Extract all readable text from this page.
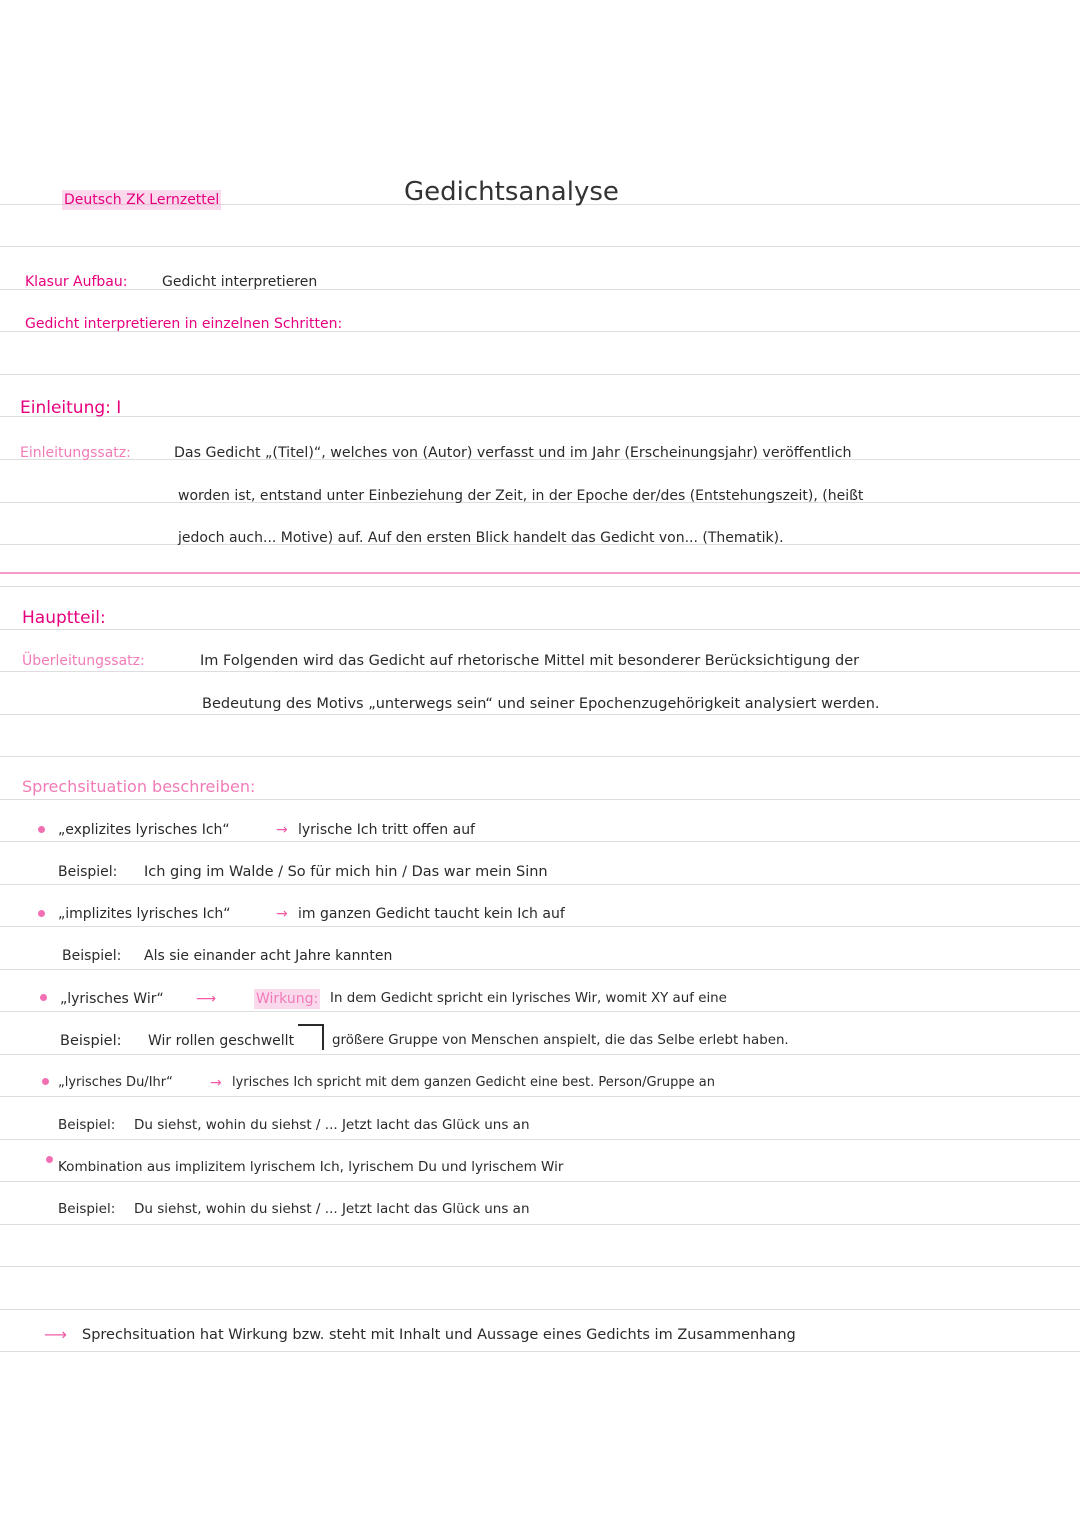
Deutsch ZK Lernzettel	Gedichtsanalyse
Klasur Aufbau: Gedicht interpretieren
Gedicht interpretieren in einzelnen Schritten:
Einleitung: I
Einleitungssatz:	Das Gedicht „(Titel)“, welches von (Autor) verfasst und im Jahr (Erscheinungsjahr) veröffentlich
worden ist, entstand unter Einbeziehung der Zeit, in der Epoche der/des (Entstehungszeit), (heißt
jedoch auch... Motive) auf. Auf den ersten Blick handelt das Gedicht von... (Thematik).
Hauptteil:
Überleitungssatz:	Im Folgenden wird das Gedicht auf rhetorische Mittel mit besonderer Berücksichtigung der
Bedeutung des Motivs „unterwegs sein“ und seiner Epochenzugehörigkeit analysiert werden.
Sprechsituation beschreiben:
„explizites lyrisches Ich“	→ lyrische Ich tritt offen auf
Beispiel: Ich ging im Walde / So für mich hin / Das war mein Sinn
„implizites lyrisches Ich“	→ im ganzen Gedicht taucht kein Ich auf
Beispiel: Als sie einander acht Jahre kannten
„lyrisches Wir“ ⟶	Wirkung: In dem Gedicht spricht ein lyrisches Wir, womit XY auf eine
Beispiel: Wir rollen geschwellt	größere Gruppe von Menschen anspielt, die das Selbe erlebt haben.
„lyrisches Du/Ihr“	→ lyrisches Ich spricht mit dem ganzen Gedicht eine best. Person/Gruppe an
Beispiel: Du siehst, wohin du siehst / ... Jetzt lacht das Glück uns an
Kombination aus implizitem lyrischem Ich, lyrischem Du und lyrischem Wir
Beispiel: Du siehst, wohin du siehst / ... Jetzt lacht das Glück uns an
⟶ Sprechsituation hat Wirkung bzw. steht mit Inhalt und Aussage eines Gedichts im Zusammenhang
